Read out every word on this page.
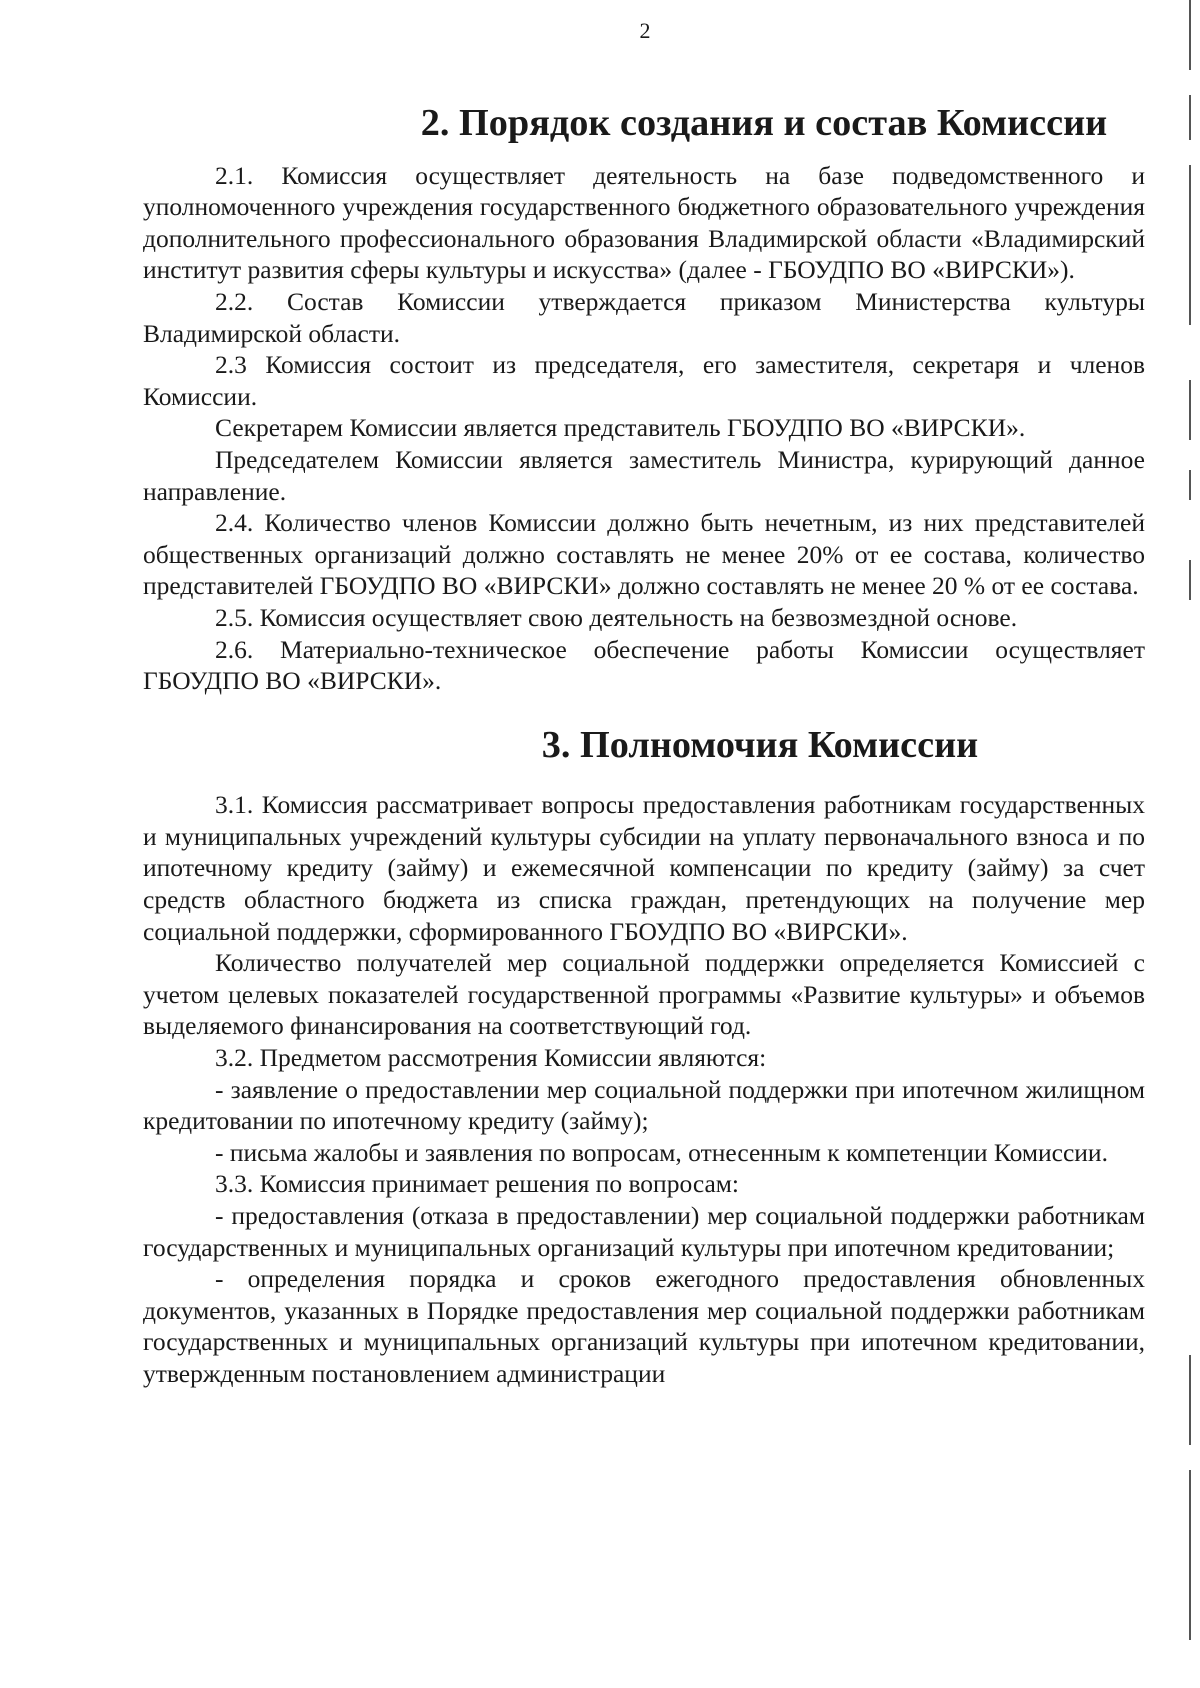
2
2. Порядок создания и состав Комиссии

2.1. Комиссия осуществляет деятельность на базе подведомственного и уполномоченного учреждения государственного бюджетного образовательного учреждения дополнительного профессионального образования Владимирской области «Владимирский институт развития сферы культуры и искусства» (далее - ГБОУДПО ВО «ВИРСКИ»).

2.2. Состав Комиссии утверждается приказом Министерства культуры Владимирской области.

2.3 Комиссия состоит из председателя, его заместителя, секретаря и членов Комиссии.

Секретарем Комиссии является представитель ГБОУДПО ВО «ВИРСКИ».

Председателем Комиссии является заместитель Министра, курирующий данное направление.

2.4. Количество членов Комиссии должно быть нечетным, из них представителей общественных организаций должно составлять не менее 20% от ее состава, количество представителей ГБОУДПО ВО «ВИРСКИ» должно составлять не менее 20 % от ее состава.

2.5. Комиссия осуществляет свою деятельность на безвозмездной основе.

2.6. Материально-техническое обеспечение работы Комиссии осуществляет ГБОУДПО ВО «ВИРСКИ».

3. Полномочия Комиссии

3.1. Комиссия рассматривает вопросы предоставления работникам государственных и муниципальных учреждений культуры субсидии на уплату первоначального взноса и по ипотечному кредиту (займу) и ежемесячной компенсации по кредиту (займу) за счет средств областного бюджета из списка граждан, претендующих на получение мер социальной поддержки, сформированного ГБОУДПО ВО «ВИРСКИ».

Количество получателей мер социальной поддержки определяется Комиссией с учетом целевых показателей государственной программы «Развитие культуры» и объемов выделяемого финансирования на соответствующий год.

3.2. Предметом рассмотрения Комиссии являются:

- заявление о предоставлении мер социальной поддержки при ипотечном жилищном кредитовании по ипотечному кредиту (займу);

- письма жалобы и заявления по вопросам, отнесенным к компетенции Комиссии.

3.3. Комиссия принимает решения по вопросам:

- предоставления (отказа в предоставлении) мер социальной поддержки работникам государственных и муниципальных организаций культуры при ипотечном кредитовании;

- определения порядка и сроков ежегодного предоставления обновленных документов, указанных в Порядке предоставления мер социальной поддержки работникам государственных и муниципальных организаций культуры при ипотечном кредитовании, утвержденным постановлением администрации
